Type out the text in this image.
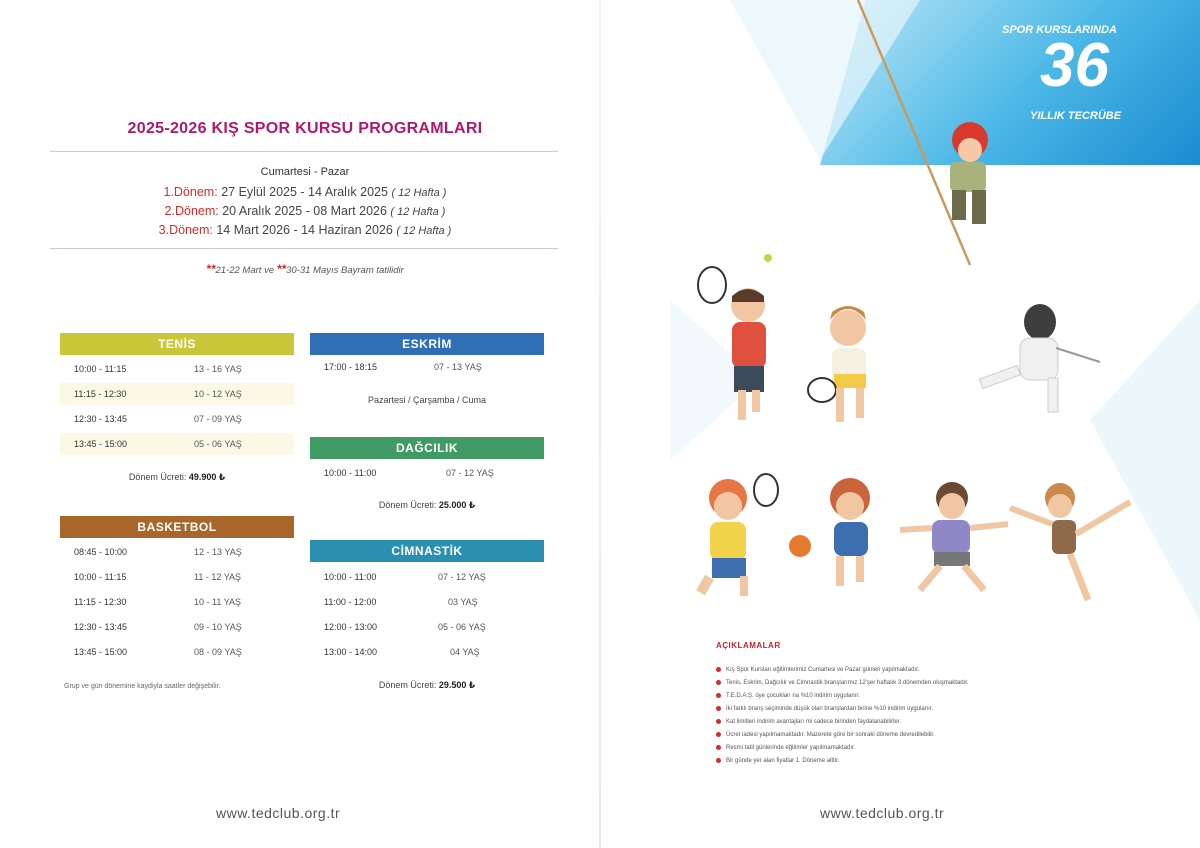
2025-2026 KIŞ SPOR KURSU PROGRAMLARI
Cumartesi - Pazar
1.Dönem: 27 Eylül 2025 - 14 Aralık 2025 ( 12 Hafta )
2.Dönem: 20 Aralık 2025 - 08 Mart 2026 ( 12 Hafta )
3.Dönem: 14 Mart 2026 - 14 Haziran 2026 ( 12 Hafta )
**21-22 Mart ve **30-31 Mayıs Bayram tatilidir
TENİS
10:00 - 11:15	13 - 16 YAŞ
11:15 - 12:30	10 - 12 YAŞ
12:30 - 13:45	07 - 09 YAŞ
13:45 - 15:00	05 - 06 YAŞ
Dönem Ücreti: 49.900 ₺
BASKETBOL
08:45 - 10:00	12 - 13 YAŞ
10:00 - 11:15	11 - 12 YAŞ
11:15 - 12:30	10 - 11 YAŞ
12:30 - 13:45	09 - 10 YAŞ
13:45 - 15:00	08 - 09 YAŞ
Grup ve gün dönemine kaydiyla saatler değişebilir.
ESKRİM
17:00 - 18:15	07 - 13 YAŞ
Pazartesi / Çarşamba / Cuma
DAĞCILIK
10:00 - 11:00	07 - 12 YAŞ
Dönem Ücreti: 25.000 ₺
CİMNASTİK
10:00 - 11:00	07 - 12 YAŞ
11:00 - 12:00	03 YAŞ
12:00 - 13:00	05 - 06 YAŞ
13:00 - 14:00	04 YAŞ
Dönem Ücreti: 29.500 ₺
www.tedclub.org.tr
SPOR KURSLARINDA
36
YILLIK TECRÜBE
AÇIKLAMALAR
Kış Spor Kursları eğitimlerimiz Cumartesi ve Pazar günleri yapılmaktadır.
Tenis, Eskrim, Dağcılık ve Cimnastik branşlarımız 12'şer haftalık 3 dönemden oluşmaktadır.
T.E.D.A.Ş. üye çocukları na %10 indirim uygulanır.
İki farklı branş seçiminde düşük olan branşlardan birine %10 indirim uygulanır.
Kat limitleri indirim avantajları mi sadece birinden faydalanabilirler.
Ücret iadesi yapılmamaktadır. Mazerete göre bir sonraki döneme devredilebilir.
Resmi tatil günlerinde eğitimler yapılmamaktadır.
Bir günde yer alan fiyatlar 1. Döneme aittir.
www.tedclub.org.tr
